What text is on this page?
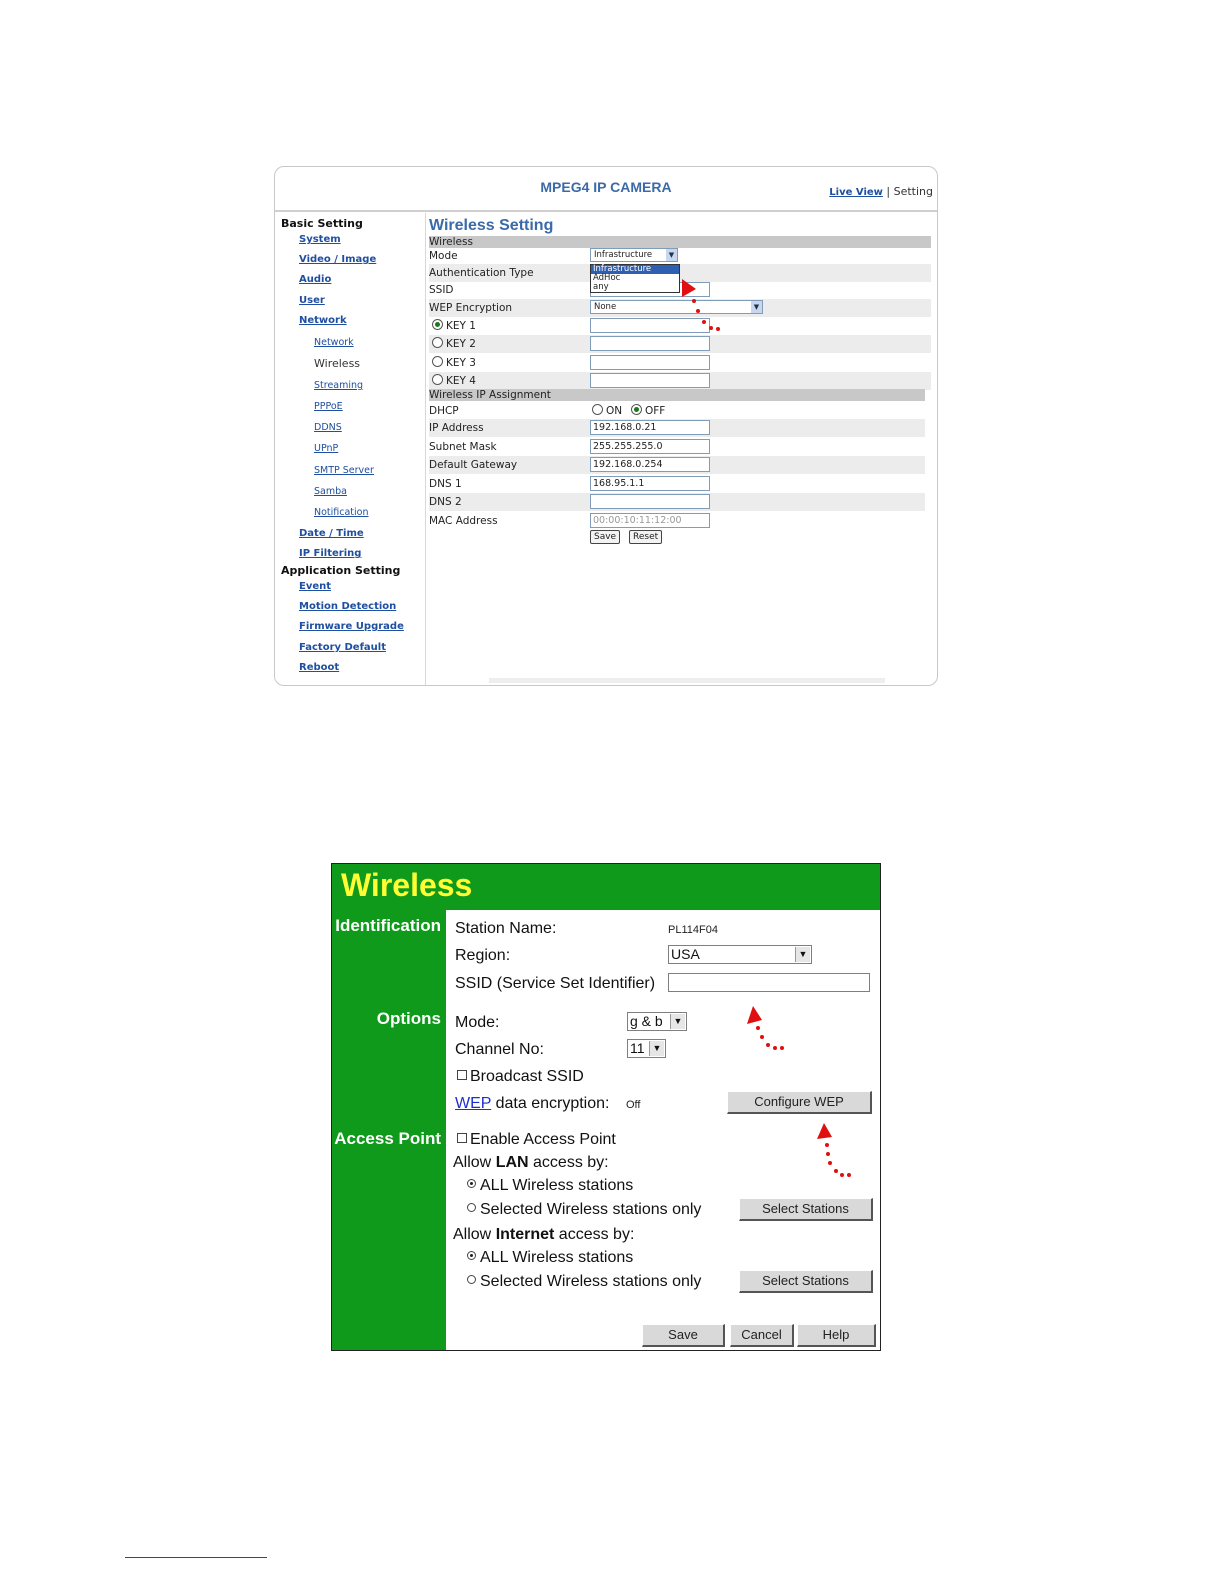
MPEG4 IP CAMERA	Live View | Setting
Basic Setting
System
Video / Image
Audio
User
Network
Network
Wireless
Streaming
PPPoE
DDNS
UPnP
SMTP Server
Samba
Notification
Date / Time
IP Filtering
Application Setting
Event
Motion Detection
Firmware Upgrade
Factory Default
Reboot
Wireless Setting
Wireless
Mode	Infrastructure	▼
Authentication Type
SSID
WEP Encryption	None	▼
KEY 1
KEY 2
KEY 3
KEY 4
Wireless IP Assignment
DHCP	ON	OFF
IP Address	192.168.0.21
Subnet Mask	255.255.255.0
Default Gateway	192.168.0.254
DNS 1	168.95.1.1
DNS 2
MAC Address	00:00:10:11:12:00
Save	Reset
Infrastructure
AdHoc
any
Wireless
Identification
Options
Access Point
Station Name:	PL114F04
Region:	USA	▼
SSID (Service Set Identifier)
Mode:	g & b	▼
Channel No:	11 ▼
Broadcast SSID
WEP data encryption: Off	Configure WEP
Enable Access Point
Allow LAN access by:
ALL Wireless stations
Selected Wireless stations only	Select Stations
Allow Internet access by:
ALL Wireless stations
Selected Wireless stations only	Select Stations
Save	Cancel	Help
